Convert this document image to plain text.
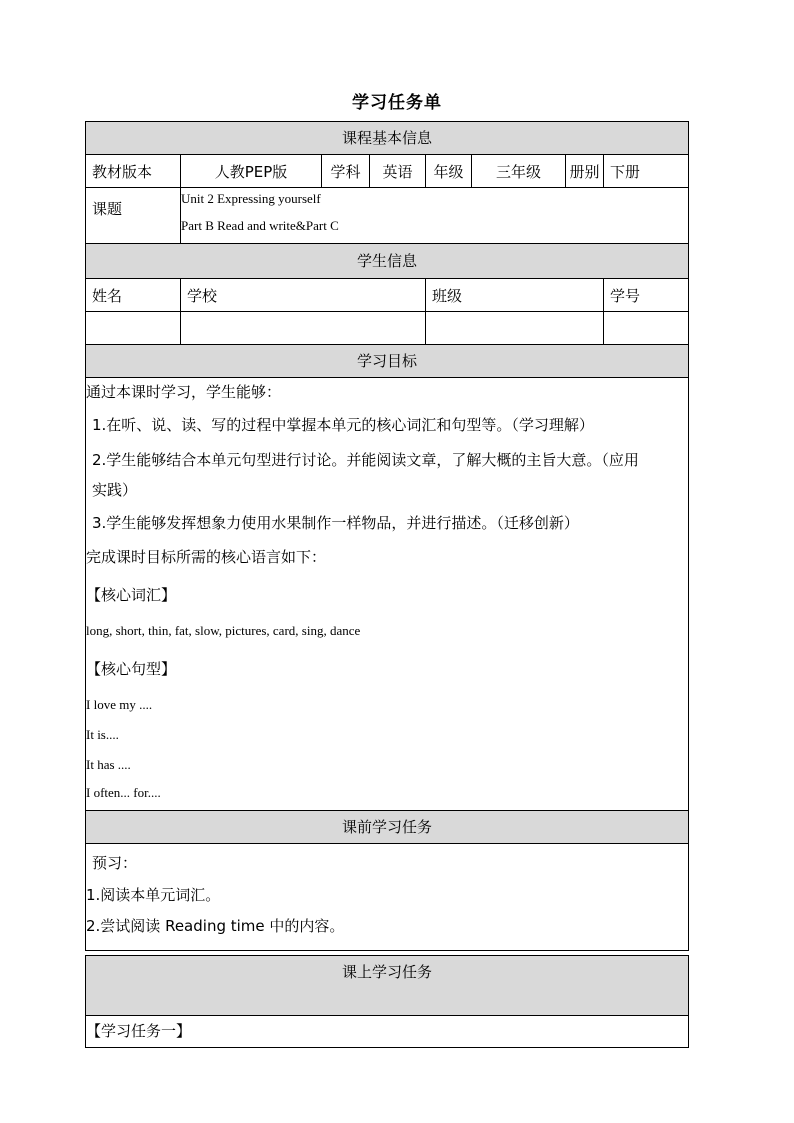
学习任务单
课程基本信息
教材版本	人教PEP版	学科	英语	年级	三年级	册别 下册
课题
Unit 2 Expressing yourself
Part B Read and write&Part C
学生信息
姓名	学校	班级	学号
学习目标
通过本课时学习，学生能够：
1.在听、说、读、写的过程中掌握本单元的核心词汇和句型等。（学习理解）
2.学生能够结合本单元句型进行讨论。并能阅读文章，了解大概的主旨大意。（应用
实践）
3.学生能够发挥想象力使用水果制作一样物品，并进行描述。（迁移创新）
完成课时目标所需的核心语言如下：
【核心词汇】
long, short, thin, fat, slow, pictures, card, sing, dance
【核心句型】
I love my ....
It is....
It has ....
I often... for....
课前学习任务
预习：
1.阅读本单元词汇。
2.尝试阅读 Reading time 中的内容。
课上学习任务
【学习任务一】
